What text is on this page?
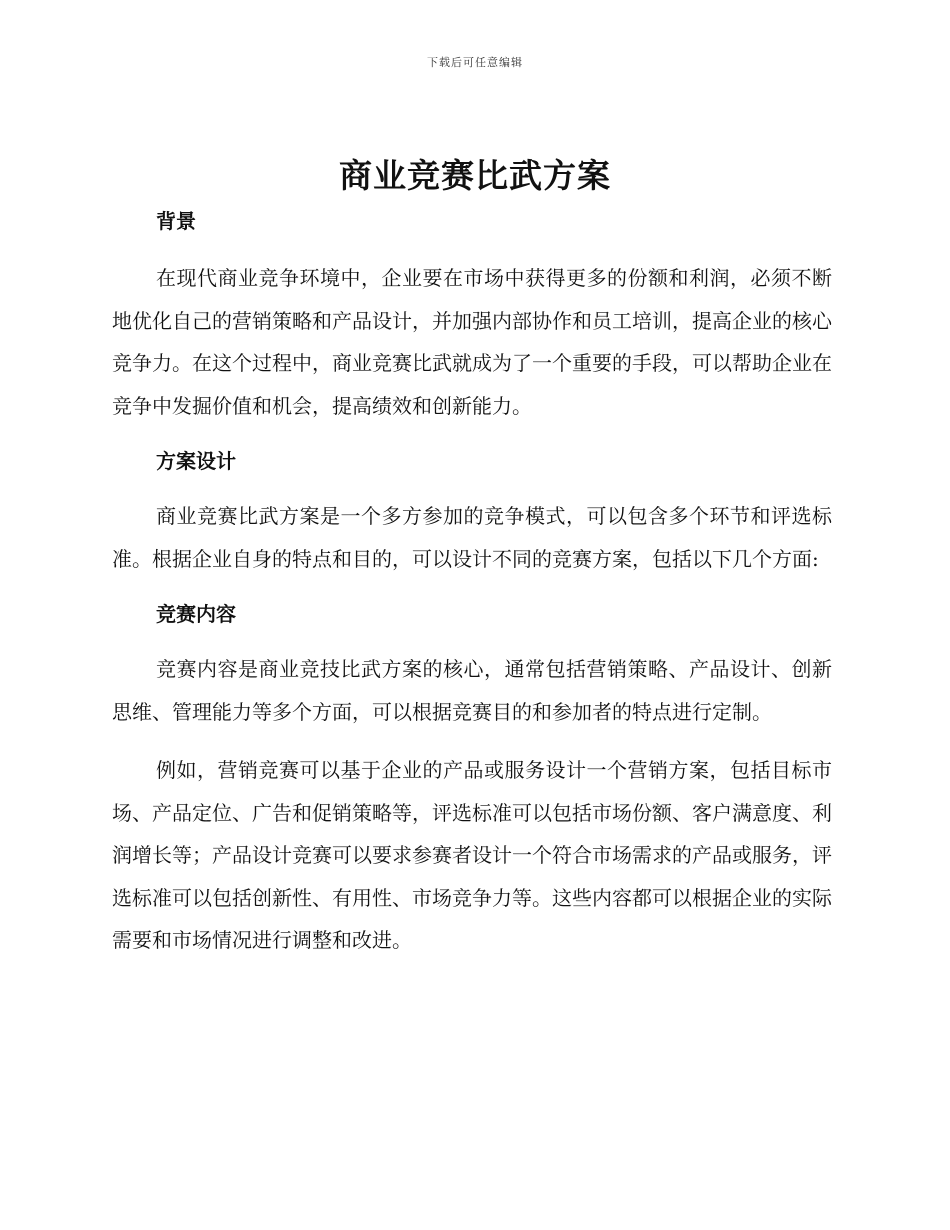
下载后可任意编辑
商业竞赛比武方案
背景

在现代商业竞争环境中，企业要在市场中获得更多的份额和利润，必须不断地优化自己的营销策略和产品设计，并加强内部协作和员工培训，提高企业的核心竞争力。在这个过程中，商业竞赛比武就成为了一个重要的手段，可以帮助企业在竞争中发掘价值和机会，提高绩效和创新能力。

方案设计

商业竞赛比武方案是一个多方参加的竞争模式，可以包含多个环节和评选标准。根据企业自身的特点和目的，可以设计不同的竞赛方案，包括以下几个方面:

竞赛内容

竞赛内容是商业竞技比武方案的核心，通常包括营销策略、产品设计、创新思维、管理能力等多个方面，可以根据竞赛目的和参加者的特点进行定制。

例如，营销竞赛可以基于企业的产品或服务设计一个营销方案，包括目标市场、产品定位、广告和促销策略等，评选标准可以包括市场份额、客户满意度、利润增长等；产品设计竞赛可以要求参赛者设计一个符合市场需求的产品或服务，评选标准可以包括创新性、有用性、市场竞争力等。这些内容都可以根据企业的实际需要和市场情况进行调整和改进。
